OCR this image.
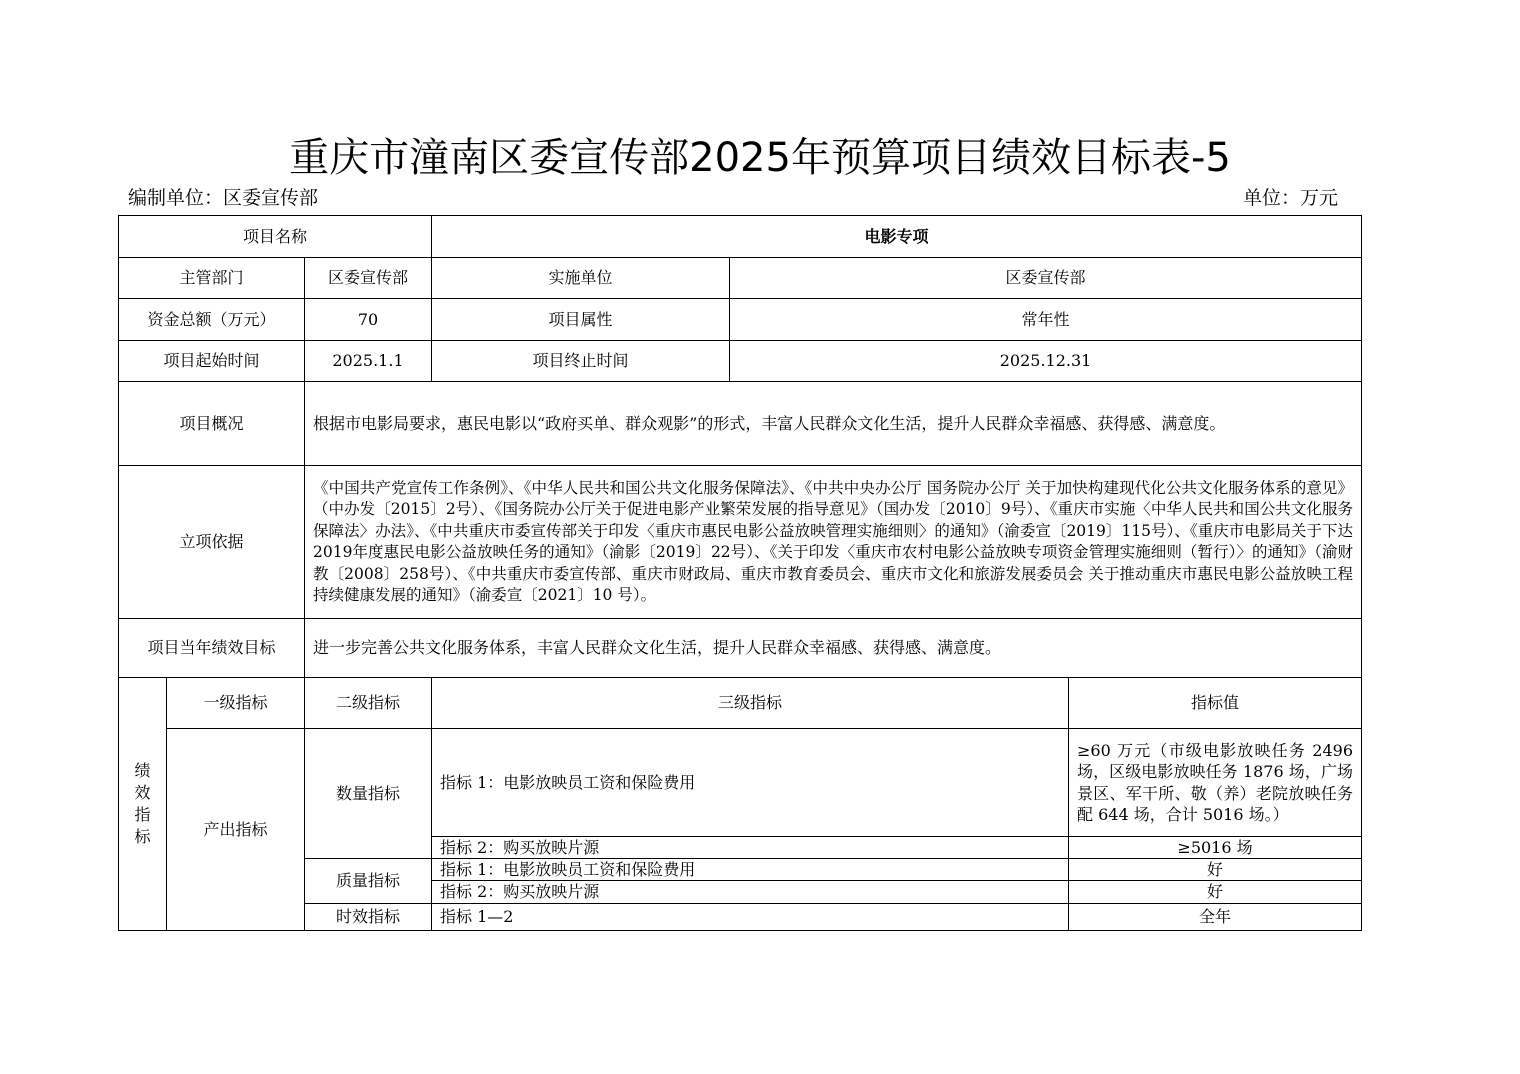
重庆市潼南区委宣传部2025年预算项目绩效目标表-5
编制单位：区委宣传部	单位：万元
项目名称			电影专项		
主管部门		区委宣传部	实施单位	区委宣传部	
资金总额（万元）		70	项目属性	常年性	
项目起始时间		2025.1.1	项目终止时间	2025.12.31	
项目概况		根据市电影局要求，惠民电影以“政府买单、群众观影”的形式，丰富人民群众文化生活，提升人民群众幸福感、获得感、满意度。			
立项依据		《中国共产党宣传工作条例》、《中华人民共和国公共文化服务保障法》、《中共中央办公厅 国务院办公厅 关于加快构建现代化公共文化服务体系的意见》（中办发〔2015〕2号）、《国务院办公厅关于促进电影产业繁荣发展的指导意见》（国办发〔2010〕9号）、《重庆市实施〈中华人民共和国公共文化服务保障法〉办法》、《中共重庆市委宣传部关于印发〈重庆市惠民电影公益放映管理实施细则〉的通知》（渝委宣〔2019〕115号）、《重庆市电影局关于下达2019年度惠民电影公益放映任务的通知》（渝影〔2019〕22号）、《关于印发〈重庆市农村电影公益放映专项资金管理实施细则（暂行）〉的通知》（渝财教〔2008〕258号）、《中共重庆市委宣传部、重庆市财政局、重庆市教育委员会、重庆市文化和旅游发展委员会 关于推动重庆市惠民电影公益放映工程持续健康发展的通知》（渝委宣〔2021〕10 号）。			
项目当年绩效目标		进一步完善公共文化服务体系，丰富人民群众文化生活，提升人民群众幸福感、获得感、满意度。			

绩
效
指
标	一级指标	二级指标	三级指标		指标值
	产出指标	数量指标	指标 1：电影放映员工资和保险费用		≥60 万元（市级电影放映任务 2496 场，区级电影放映任务 1876 场，广场景区、军干所、敬（养）老院放映任务配 644 场，合计 5016 场。）
			指标 2：购买放映片源		≥5016 场
		质量指标	指标 1：电影放映员工资和保险费用		好
			指标 2：购买放映片源		好
		时效指标	指标 1—2		全年
